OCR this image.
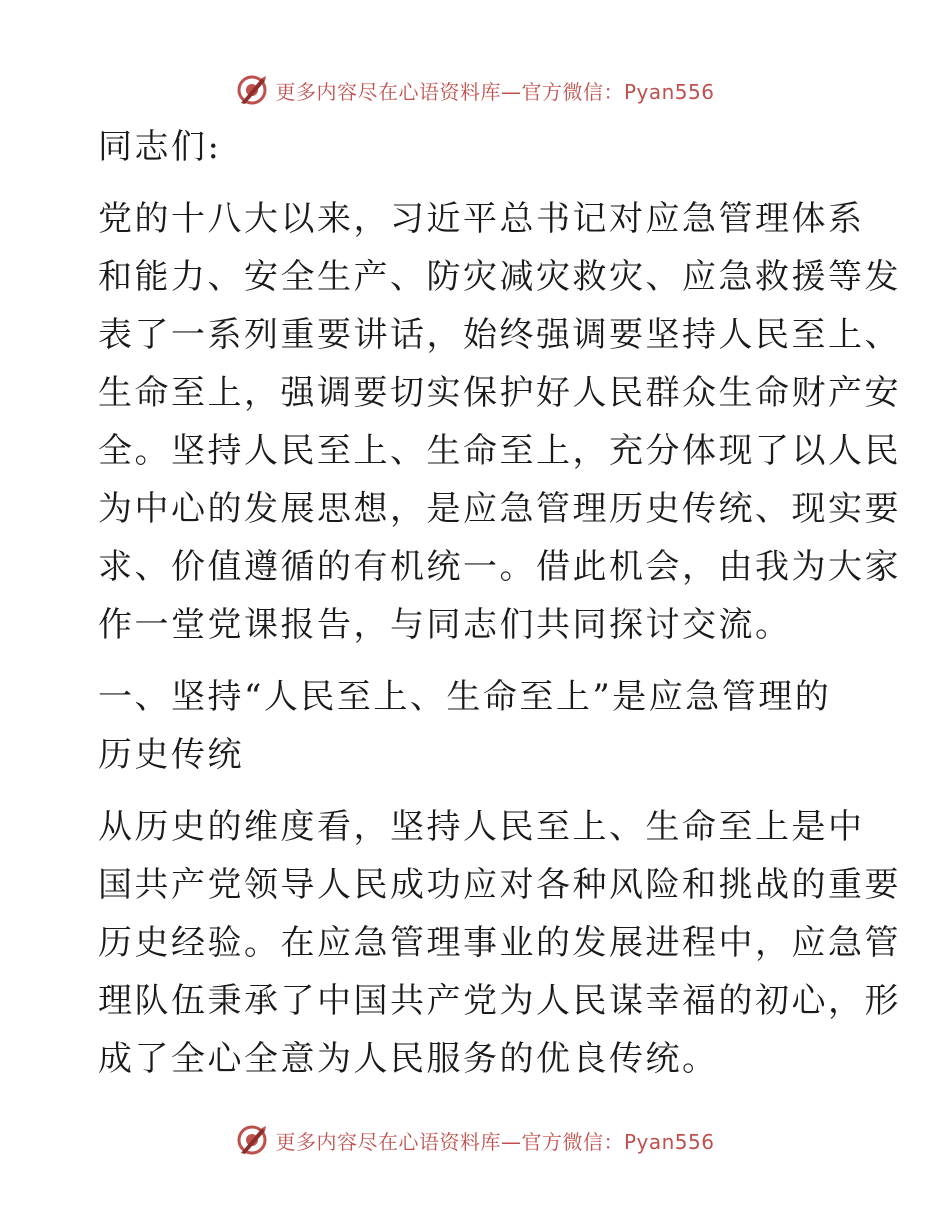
更多内容尽在心语资料库—官方微信：Pyan556
同志们:
党的十八大以来，习近平总书记对应急管理体系
和能力、安全生产、防灾减灾救灾、应急救援等发
表了一系列重要讲话，始终强调要坚持人民至上、
生命至上，强调要切实保护好人民群众生命财产安
全。坚持人民至上、生命至上，充分体现了以人民
为中心的发展思想，是应急管理历史传统、现实要
求、价值遵循的有机统一。借此机会，由我为大家
作一堂党课报告，与同志们共同探讨交流。
一、坚持“人民至上、生命至上”是应急管理的
历史传统
从历史的维度看，坚持人民至上、生命至上是中
国共产党领导人民成功应对各种风险和挑战的重要
历史经验。在应急管理事业的发展进程中，应急管
理队伍秉承了中国共产党为人民谋幸福的初心，形
成了全心全意为人民服务的优良传统。
更多内容尽在心语资料库—官方微信：Pyan556
